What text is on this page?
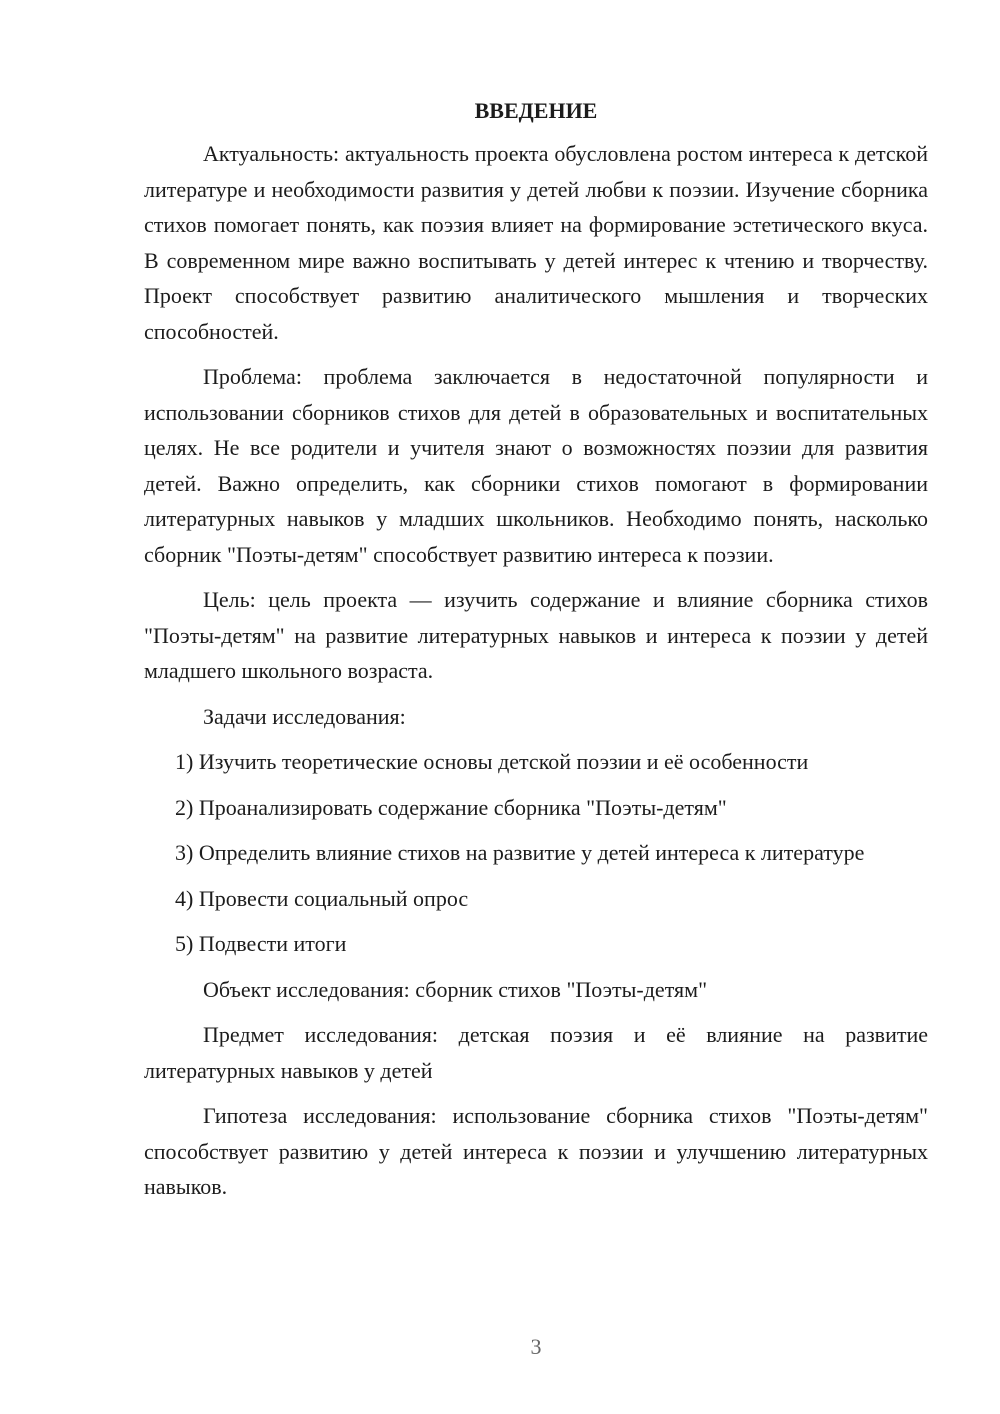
ВВЕДЕНИЕ

Актуальность: актуальность проекта обусловлена ростом интереса к детской литературе и необходимости развития у детей любви к поэзии. Изучение сборника стихов помогает понять, как поэзия влияет на формирование эстетического вкуса. В современном мире важно воспитывать у детей интерес к чтению и творчеству. Проект способствует развитию аналитического мышления и творческих способностей.

Проблема: проблема заключается в недостаточной популярности и использовании сборников стихов для детей в образовательных и воспитательных целях. Не все родители и учителя знают о возможностях поэзии для развития детей. Важно определить, как сборники стихов помогают в формировании литературных навыков у младших школьников. Необходимо понять, насколько сборник "Поэты-детям" способствует развитию интереса к поэзии.

Цель: цель проекта — изучить содержание и влияние сборника стихов "Поэты-детям" на развитие литературных навыков и интереса к поэзии у детей младшего школьного возраста.

Задачи исследования:

1) Изучить теоретические основы детской поэзии и её особенности

2) Проанализировать содержание сборника "Поэты-детям"

3) Определить влияние стихов на развитие у детей интереса к литературе

4) Провести социальный опрос

5) Подвести итоги

Объект исследования: сборник стихов "Поэты-детям"

Предмет исследования: детская поэзия и её влияние на развитие литературных навыков у детей

Гипотеза исследования: использование сборника стихов "Поэты-детям" способствует развитию у детей интереса к поэзии и улучшению литературных навыков.

3
